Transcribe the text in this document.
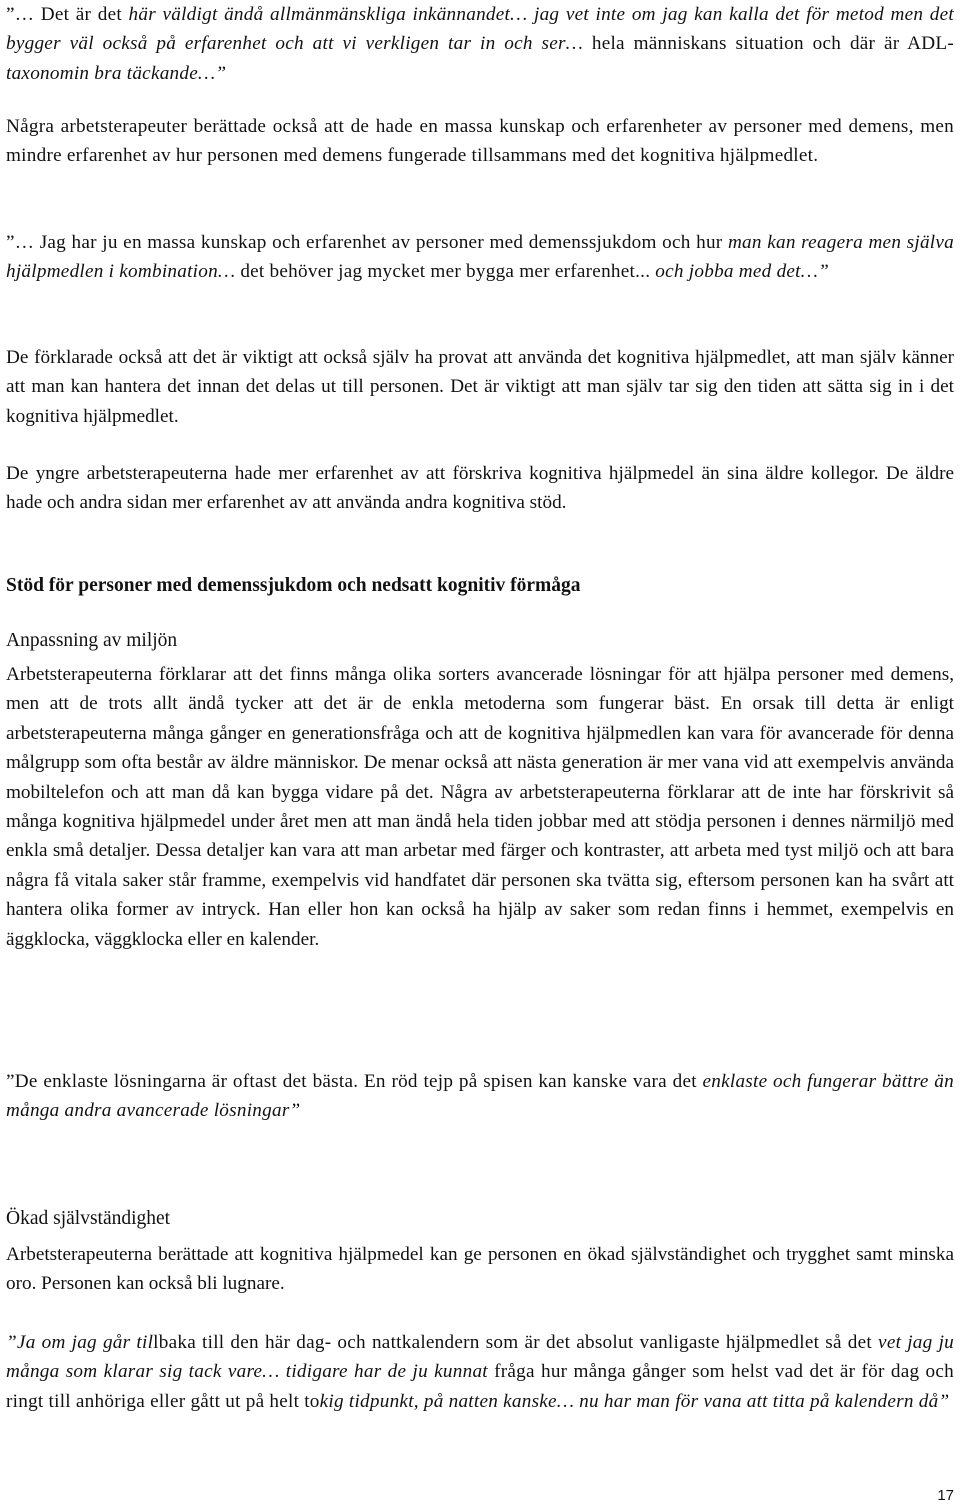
”… Det är det här väldigt ändå allmänmänskliga inkännandet… jag vet inte om jag kan kalla det för metod men det bygger väl också på erfarenhet och att vi verkligen tar in och ser… hela människans situation och där är ADL-taxonomin bra täckande…”

Några arbetsterapeuter berättade också att de hade en massa kunskap och erfarenheter av personer med demens, men mindre erfarenhet av hur personen med demens fungerade tillsammans med det kognitiva hjälpmedlet.

”… Jag har ju en massa kunskap och erfarenhet av personer med demenssjukdom och hur man kan reagera men själva hjälpmedlen i kombination… det behöver jag mycket mer bygga mer erfarenhet... och jobba med det…”

De förklarade också att det är viktigt att också själv ha provat att använda det kognitiva hjälpmedlet, att man själv känner att man kan hantera det innan det delas ut till personen. Det är viktigt att man själv tar sig den tiden att sätta sig in i det kognitiva hjälpmedlet.

De yngre arbetsterapeuterna hade mer erfarenhet av att förskriva kognitiva hjälpmedel än sina äldre kollegor. De äldre hade och andra sidan mer erfarenhet av att använda andra kognitiva stöd.

Stöd för personer med demenssjukdom och nedsatt kognitiv förmåga

Anpassning av miljön

Arbetsterapeuterna förklarar att det finns många olika sorters avancerade lösningar för att hjälpa personer med demens, men att de trots allt ändå tycker att det är de enkla metoderna som fungerar bäst. En orsak till detta är enligt arbetsterapeuterna många gånger en generationsfråga och att de kognitiva hjälpmedlen kan vara för avancerade för denna målgrupp som ofta består av äldre människor. De menar också att nästa generation är mer vana vid att exempelvis använda mobiltelefon och att man då kan bygga vidare på det. Några av arbetsterapeuterna förklarar att de inte har förskrivit så många kognitiva hjälpmedel under året men att man ändå hela tiden jobbar med att stödja personen i dennes närmiljö med enkla små detaljer. Dessa detaljer kan vara att man arbetar med färger och kontraster, att arbeta med tyst miljö och att bara några få vitala saker står framme, exempelvis vid handfatet där personen ska tvätta sig, eftersom personen kan ha svårt att hantera olika former av intryck. Han eller hon kan också ha hjälp av saker som redan finns i hemmet, exempelvis en äggklocka, väggklocka eller en kalender.

”De enklaste lösningarna är oftast det bästa. En röd tejp på spisen kan kanske vara det enklaste och fungerar bättre än många andra avancerade lösningar”

Ökad självständighet

Arbetsterapeuterna berättade att kognitiva hjälpmedel kan ge personen en ökad självständighet och trygghet samt minska oro. Personen kan också bli lugnare.

”Ja om jag går tillbaka till den här dag- och nattkalendern som är det absolut vanligaste hjälpmedlet så det vet jag ju många som klarar sig tack vare… tidigare har de ju kunnat fråga hur många gånger som helst vad det är för dag och ringt till anhöriga eller gått ut på helt tokig tidpunkt, på natten kanske… nu har man för vana att titta på kalendern då”

17
